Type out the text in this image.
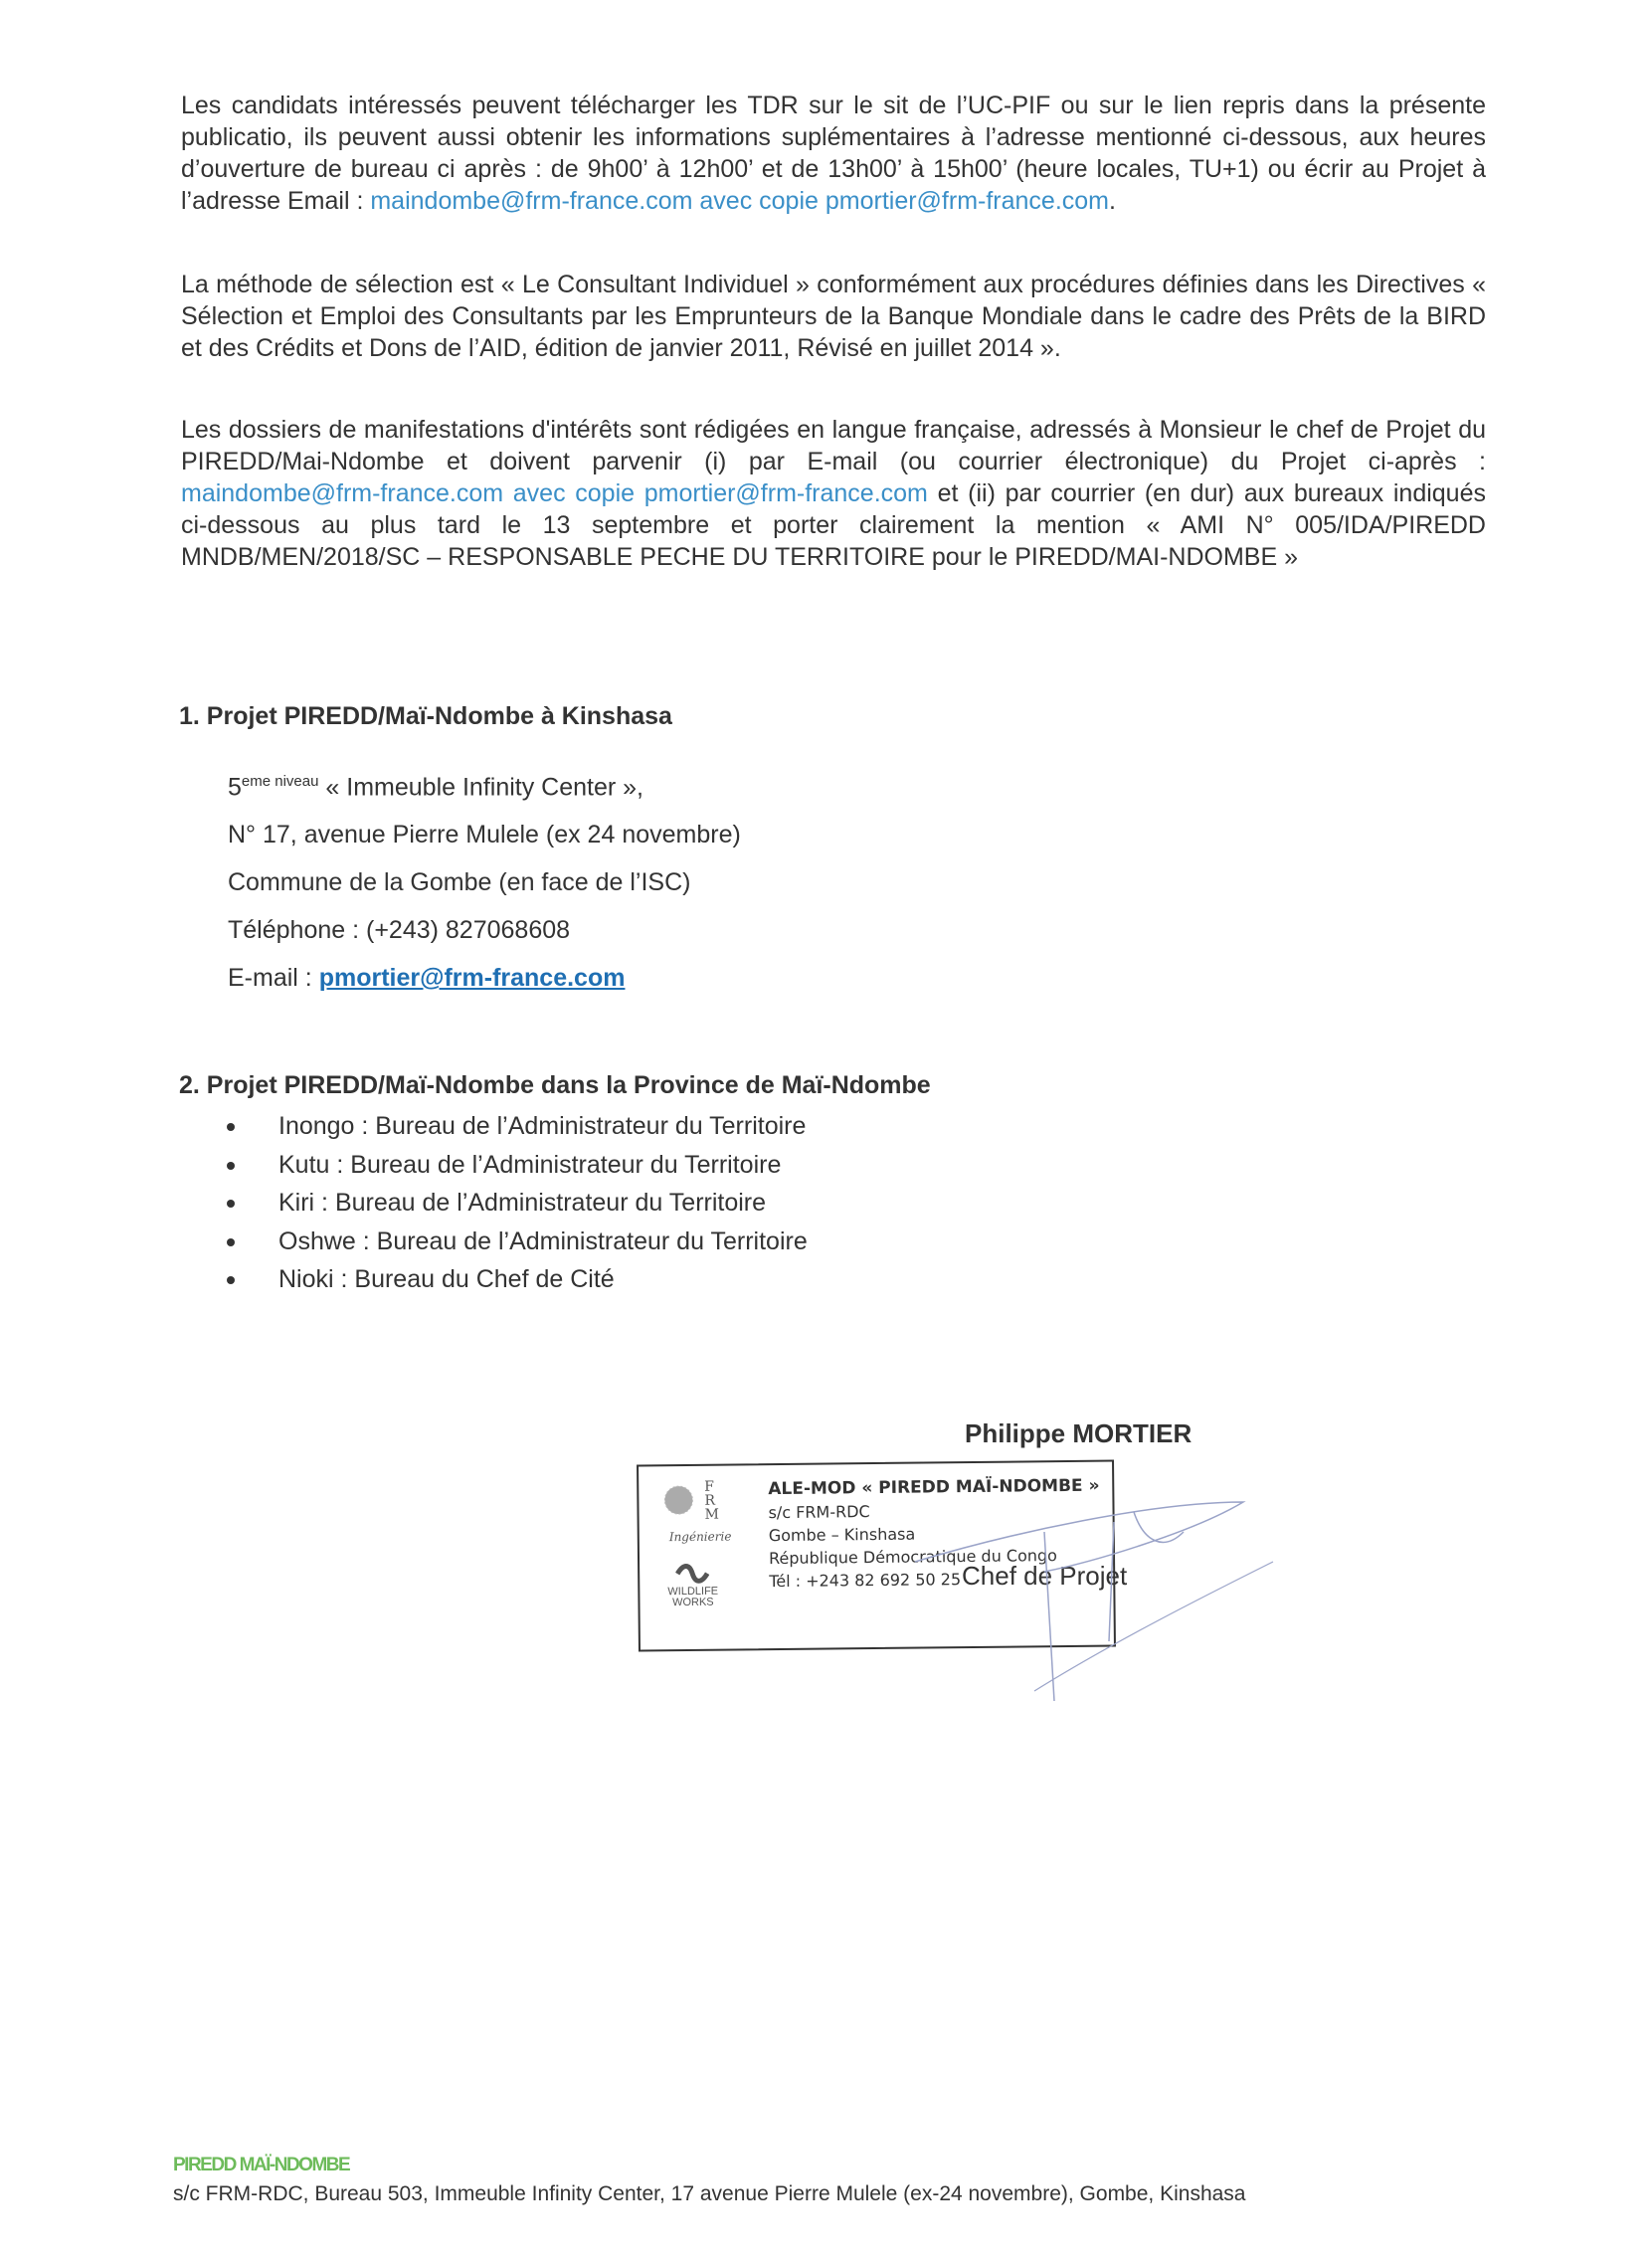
Les candidats intéressés peuvent télécharger les TDR sur le sit de l’UC-PIF ou sur le lien repris dans la présente publicatio, ils peuvent aussi obtenir les informations suplémentaires à l’adresse mentionné ci-dessous, aux heures d’ouverture de bureau ci après : de 9h00’ à 12h00’ et de 13h00’ à 15h00’ (heure locales, TU+1) ou écrir au Projet à l’adresse Email : maindombe@frm-france.com avec copie pmortier@frm-france.com.
La méthode de sélection est « Le Consultant Individuel » conformément aux procédures définies dans les Directives « Sélection et Emploi des Consultants par les Emprunteurs de la Banque Mondiale dans le cadre des Prêts de la BIRD et des Crédits et Dons de l’AID, édition de janvier 2011, Révisé en juillet 2014 ».
Les dossiers de manifestations d'intérêts sont rédigées en langue française, adressés à Monsieur le chef de Projet du PIREDD/Mai-Ndombe et doivent parvenir (i) par E-mail (ou courrier électronique) du Projet ci-après : maindombe@frm-france.com avec copie pmortier@frm-france.com et (ii) par courrier (en dur) aux bureaux indiqués ci-dessous au plus tard le 13 septembre et porter clairement la mention « AMI N° 005/IDA/PIREDD MNDB/MEN/2018/SC – RESPONSABLE PECHE DU TERRITOIRE pour le PIREDD/MAI-NDOMBE »
1. Projet PIREDD/Maï-Ndombe à Kinshasa
$5^{eme niveau}$ « Immeuble Infinity Center »,
N° 17, avenue Pierre Mulele (ex 24 novembre)
Commune de la Gombe (en face de l’ISC)
Téléphone : (+243) 827068608
E-mail : pmortier@frm-france.com
2. Projet PIREDD/Maï-Ndombe dans la Province de Maï-Ndombe
Inongo : Bureau de l’Administrateur du Territoire
Kutu : Bureau de l’Administrateur du Territoire
Kiri : Bureau de l’Administrateur du Territoire
Oshwe : Bureau de l’Administrateur du Territoire
Nioki : Bureau du Chef de Cité
Philippe MORTIER
F
R
M
Ingénierie

WILDLIFE
WORKS
ALE-MOD « PIREDD MAÏ-NDOMBE »
s/c FRM-RDC
Gombe – Kinshasa
République Démocratique du Congo
Tél : +243 82 692 50 25 Chef de Projet
PIREDD MAÏ-NDOMBE
s/c FRM-RDC, Bureau 503, Immeuble Infinity Center, 17 avenue Pierre Mulele (ex-24 novembre), Gombe, Kinshasa
